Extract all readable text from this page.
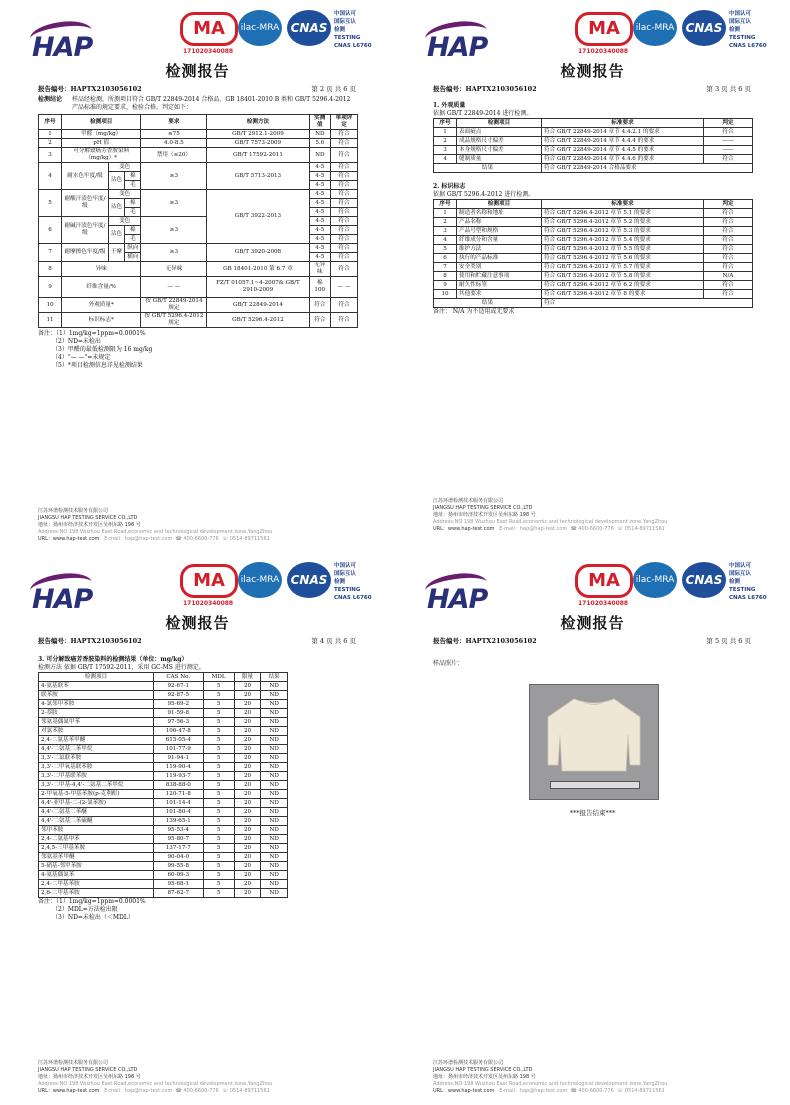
HAP
MA	ilac-MRA CNAS
中国认可
国际互认
检测
TESTING
CNAS L6760
171020340088
检测报告
报告编号：HAPTX2103056102	第 2 页 共 6 页
检测结论	样品经检测，所测项目符合 GB/T 22849-2014 合格品、GB 18401-2010 B 类和 GB/T 5296.4-2012 产品标准的规定要求，检验合格。判定如下：
序号	检测项目			要求	检测方法	实测值	单项评定
1	甲醛（mg/kg）			≤75	GB/T 2912.1-2009	ND	符合
2	pH 值			4.0-8.5	GB/T 7573-2009	5.6	符合
3	可分解致癌芳香胺染料（mg/kg）*			禁用（≤20）	GB/T 17592-2011	ND	符合
4	耐水色牢度/级	变色		≥3	GB/T 5713-2013	4-5	符合
		沾色	棉			4-5	符合
			毛			4-5	符合
5	耐酸汗渍色牢度/级	变色		≥3	GB/T 3922-2013	4-5	符合
		沾色	棉			4-5	符合
			毛			4-5	符合
6	耐碱汗渍色牢度/级	变色		≥3		4-5	符合
		沾色	棉			4-5	符合
			毛			4-5	符合
7	耐摩擦色牢度/级	干摩	纵向	≥3	GB/T 3920-2008	4-5	符合
			横向			4-5	符合
8	异味			无异味	GB 18401-2010 第 6.7 章	无异味	符合
9	纤维含量/%			— —	FZ/T 01057.1~4-2007& GB/T 2910-2009	棉 100	— —
10	外观质量*			按 GB/T 22849-2014 规定	GB/T 22849-2014	符合	符合
11	标识标志*			按 GB/T 5296.4-2012 规定	GB/T 5296.4-2012	符合	符合
备注：（1）1mg/kg=1ppm=0.0001%
（2）ND=未检出
（3）甲醛的最低检测限为 16 mg/kg
（4）"— —"=未规定
（5）*项目检测信息详见检测结果
江苏环谱检测技术服务有限公司
JIANGSU HAP TESTING SERVICE CO.,LTD
地址：扬州市经济技术开发区吴州东路 198 号
Address:NO 198 Wuzhou East Road,economic and technological development zone,YangZhou
URL：www.hap-test.com E-mail：hap@hap-test.com ☎ 400-6600-776 ☏ 0514-89711561
HAP
MA	ilac-MRA CNAS
中国认可
国际互认
检测
TESTING
CNAS L6760
171020340088
检测报告
报告编号：HAPTX2103056102	第 3 页 共 6 页
1. 外观质量
依据 GB/T 22849-2014 进行检测。
序号	检测项目	标准要求	判定
1	表面疵点	符合 GB/T 22849-2014 章节 4.4.2.1 的要求	符合
2	成品规格尺寸偏差	符合 GB/T 22849-2014 章节 4.4.4 的要求	——
3	本身规格尺寸偏差	符合 GB/T 22849-2014 章节 4.4.5 的要求	——
4	缝制质量	符合 GB/T 22849-2014 章节 4.4.6 的要求	符合
结果		符合 GB/T 22849-2014 合格品要求	
2. 标识标志
依据 GB/T 5296.4-2012 进行检测。
序号	检测项目	标准要求	判定
1	制造者名称和地址	符合 GB/T 5296.4-2012 章节 5.1 的要求	符合
2	产品名称	符合 GB/T 5296.4-2012 章节 5.2 的要求	符合
3	产品号型和规格	符合 GB/T 5296.4-2012 章节 5.3 的要求	符合
4	纤维成分和含量	符合 GB/T 5296.4-2012 章节 5.4 的要求	符合
5	维护方法	符合 GB/T 5296.4-2012 章节 5.5 的要求	符合
6	执行的产品标准	符合 GB/T 5296.4-2012 章节 5.6 的要求	符合
7	安全类别	符合 GB/T 5296.4-2012 章节 5.7 的要求	符合
8	使用和贮藏注意事项	符合 GB/T 5296.4-2012 章节 5.8 的要求	N/A
9	耐久性标签	符合 GB/T 5296.4-2012 章节 6.2 的要求	符合
10	其他要求	符合 GB/T 5296.4-2012 章节 8 的要求	符合
结果		符合	
备注： N/A 为不适用或无要求
江苏环谱检测技术服务有限公司
JIANGSU HAP TESTING SERVICE CO.,LTD
地址：扬州市经济技术开发区吴州东路 198 号
Address:NO 198 Wuzhou East Road,economic and technological development zone,YangZhou
URL：www.hap-test.com E-mail：hap@hap-test.com ☎ 400-6600-776 ☏ 0514-89711561
HAP
MA	ilac-MRA CNAS
中国认可
国际互认
检测
TESTING
CNAS L6760
171020340088
检测报告
报告编号：HAPTX2103056102	第 4 页 共 6 页
3. 可分解致癌芳香胺染料的检测结果（单位：mg/kg）
检测方法 依据 GB/T 17592-2011，采用 GC-MS 进行测定。
检测项目	CAS No.	MDL	限量	结果
4-氨基联苯	92-67-1	5	20	ND
联苯胺	92-87-5	5	20	ND
4-氯邻甲苯胺	95-69-2	5	20	ND
2-萘胺	91-59-8	5	20	ND
邻氨基偶氮甲苯	97-56-3	5	20	ND
对氯苯胺	106-47-8	5	20	ND
2,4-二氨基苯甲醚	615-05-4	5	20	ND
4,4'-二氨基二苯甲烷	101-77-9	5	20	ND
3,3'-二氯联苯胺	91-94-1	5	20	ND
3,3'-二甲氧基联苯胺	119-90-4	5	20	ND
3,3'-二甲基联苯胺	119-93-7	5	20	ND
3,3'-二甲基-4,4'-二氨基二苯甲烷	838-88-0	5	20	ND
2-甲氧基-5-甲基苯胺(p-克利酊)	120-71-8	5	20	ND
4,4'-亚甲基-二-(2-氯苯胺)	101-14-4	5	20	ND
4,4'-二氨基二苯醚	101-80-4	5	20	ND
4,4'-二氨基二苯硫醚	139-65-1	5	20	ND
邻甲苯胺	95-53-4	5	20	ND
2,4-二氨基甲苯	95-80-7	5	20	ND
2,4,5-三甲基苯胺	137-17-7	5	20	ND
邻氨基苯甲醚	90-04-0	5	20	ND
5-硝基-邻甲苯胺	99-55-8	5	20	ND
4-氨基偶氮苯	60-09-3	5	20	ND
2,4-二甲基苯胺	95-68-1	5	20	ND
2,6-二甲基苯胺	87-62-7	5	20	ND
备注：（1）1mg/kg=1ppm=0.0001%
（2）MDL=方法检出限
（3）ND=未检出（＜MDL）
江苏环谱检测技术服务有限公司
JIANGSU HAP TESTING SERVICE CO.,LTD
地址：扬州市经济技术开发区吴州东路 198 号
Address:NO 198 Wuzhou East Road,economic and technological development zone,YangZhou
URL：www.hap-test.com E-mail：hap@hap-test.com ☎ 400-6600-776 ☏ 0514-89711561
HAP
MA	ilac-MRA CNAS
中国认可
国际互认
检测
TESTING
CNAS L6760
171020340088
检测报告
报告编号：HAPTX2103056102	第 5 页 共 6 页
样品照片：
***报告结束***
江苏环谱检测技术服务有限公司
JIANGSU HAP TESTING SERVICE CO.,LTD
地址：扬州市经济技术开发区吴州东路 198 号
Address:NO 198 Wuzhou East Road,economic and technological development zone,YangZhou
URL：www.hap-test.com E-mail：hap@hap-test.com ☎ 400-6600-776 ☏ 0514-89711561
